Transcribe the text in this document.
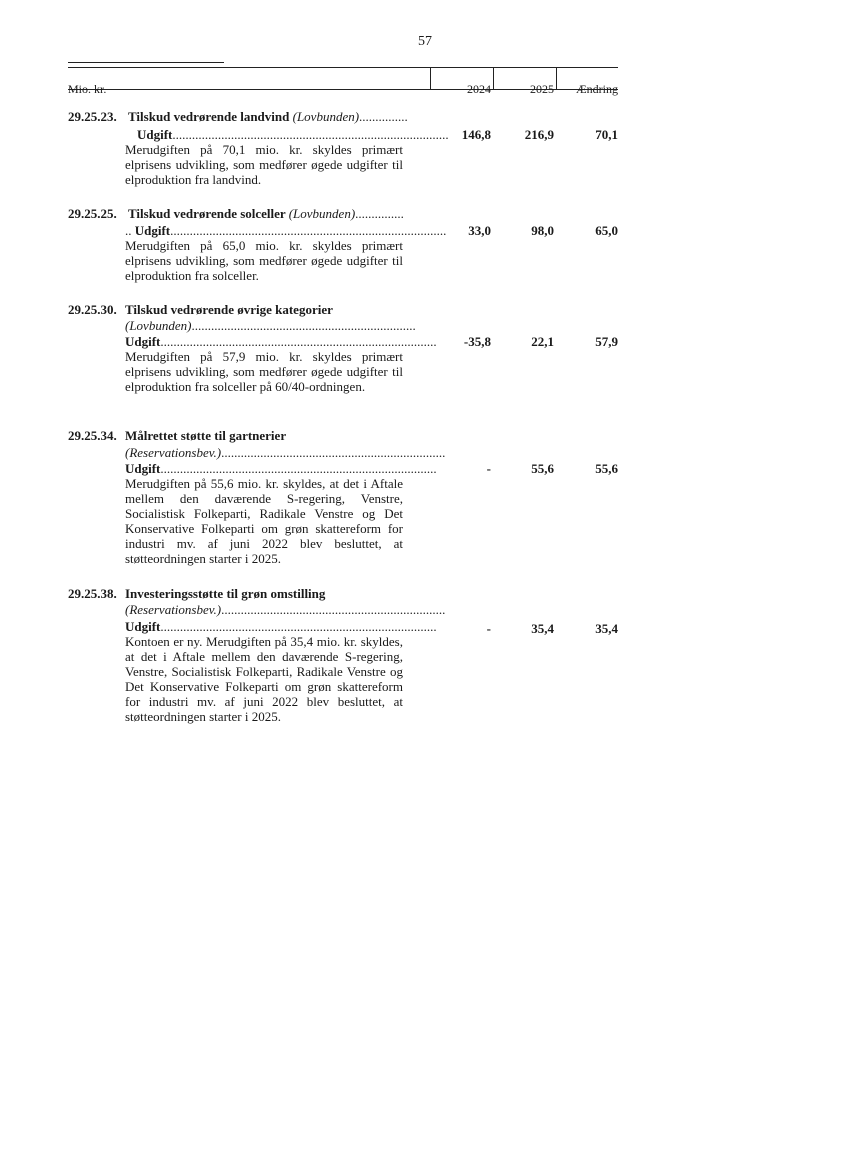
57
Mio. kr.	2024	2025	Ændring
29.25.23. Tilskud vedrørende landvind (Lovbunden)...............
Udgift.....................................................................................	146,8	216,9	70,1
Merudgiften på 70,1 mio. kr. skyldes primært elprisens udvikling, som medfører øgede udgifter til elproduktion fra landvind.
29.25.25. Tilskud vedrørende solceller (Lovbunden)...............
.. Udgift.....................................................................................	33,0	98,0	65,0
Merudgiften på 65,0 mio. kr. skyldes primært elprisens udvikling, som medfører øgede udgifter til elproduktion fra solceller.
29.25.30. Tilskud vedrørende øvrige kategorier
(Lovbunden).....................................................................
Udgift.....................................................................................	-35,8	22,1	57,9
Merudgiften på 57,9 mio. kr. skyldes primært elprisens udvikling, som medfører øgede udgifter til elproduktion fra solceller på 60/40-ordningen.
29.25.34. Målrettet støtte til gartnerier
(Reservationsbev.).....................................................................
Udgift.....................................................................................	-	55,6	55,6
Merudgiften på 55,6 mio. kr. skyldes, at det i Aftale mellem den daværende S-regering, Venstre, Socialistisk Folkeparti, Radikale Venstre og Det Konservative Folkeparti om grøn skattereform for industri mv. af juni 2022 blev besluttet, at støtteordningen starter i 2025.
29.25.38. Investeringsstøtte til grøn omstilling
(Reservationsbev.).....................................................................
Udgift.....................................................................................	-	35,4	35,4
Kontoen er ny. Merudgiften på 35,4 mio. kr. skyldes, at det i Aftale mellem den daværende S-regering, Venstre, Socialistisk Folkeparti, Radikale Venstre og Det Konservative Folkeparti om grøn skattereform for industri mv. af juni 2022 blev besluttet, at støtteordningen starter i 2025.
